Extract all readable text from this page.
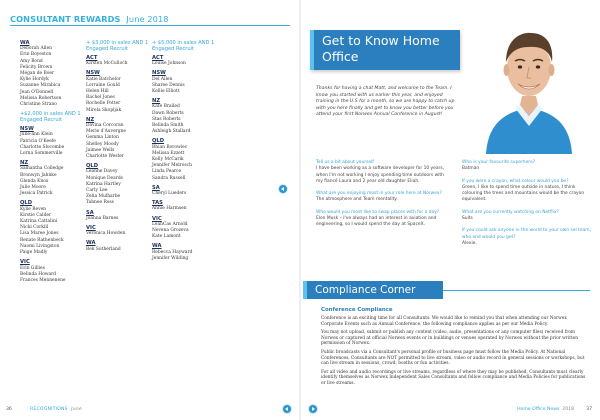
CONSULTANT REWARDS June 2018
WA
Deborah Allen
Erin Boyeston
Amy Bond
Felicity Brown
Megan de Boer
Kylie Hordyk
Suzanne Mirabica
Jean O'Donnell
Melissa Robertson
Christine Strano
+$2,000 in sales AND 1 Engaged Recruit
NSW
Julie-ann Klein
Patricia O'Keefe
Charlotte Slocombe
Lorna Sommerville
NZ
Samantha Colledge
Bronwyn Jahnke
Glenda Knox
Julie Moore
Jessica Patrick
QLD
Kylie Beven
Kirstie Calder
Katrina Cattalini
Nicki Corkill
Lisa Maree Jones
Renate Rathenbeck
Naomi Livingston
Paige Madly
VIC
Erin Gillies
Belinda Howard
Frances Mennenene
+ $3,000 in sales AND 1 Engaged Recruit
ACT
Kirsten McCulloch
NSW
Katie Batchelor
Lorraine Gould
Helen Hill
Rachel Jones
Rochelle Potter
Mirela Skopljak
NZ
Davina Corcoran
Merie d'Auvergne
Gemma Linton
Shelley Moody
Jaimee Wells
Charlotte Wester
QLD
Leanne Davey
Monique Deards
Katrina Hartley
Carly Lee
Zelia Mulharbe
Tahnee Ross
SA
Joanna Barnes
VIC
Veronica Howden
WA
Bek Sutherland
+ $5,000 in sales AND 1 Engaged Recruit
ACT
Louise Johnson
NSW
Del Allen
Sharee Dennis
Kellie Elliott
NZ
Kate Brailed
Dawn Roberts
Stas Roberts
Belinda Smith
Ashleigh Stallard
QLD
Rhian Borowiec
Melissa Ezzett
Kelly McCarik
Jennifer Melrosch
Linda Pearce
Sandra Russell
SA
Cheryl Lueders
TAS
Annie Harmsen
VIC
LeanCas Arnold
Nevena Grozeva
Kate Lamont
WA
Rebecca Hayward
Jennifer Wilding
36	RECOGNITIONS June
Get to Know Home Office
Thanks for having a chat Matt, and welcome to the Team. I know you started with us earlier this year, and enjoyed training in the U.S for a month, so we are happy to catch up with you here finally and get to know you better before you attend your first Norwex Annual Conference in August!
Tell us a bit about yourself
I have been working as a software developer for 10 years, when I'm not working I enjoy spending time outdoors with my fiancé Laura and 2 year old daughter Eliah.
What are you enjoying most in your role here at Norwex?
The atmosphere and Team mentality.
Who would you most like to swap places with for a day?
Elon Musk – I've always had an interest in aviation and engineering, so I would spend the day at SpaceX.
Who is your favourite superhero?
Batman
If you were a crayon, what colour would you be?
Green, I like to spend time outside in nature, I think colouring the trees and mountains would be the crayon equivalent.
What are you currently watching on Netflix?
Suits
If you could ask anyone in the world to your own sel team, who and would you get?
Alexie.
Compliance Corner
Conference Compliance

Conference is an exciting time for all Consultants. We would like to remind you that when attending our Norwex Corporate Events such as Annual Conference, the following compliance applies as per our Media Policy.

You may not upload, submit or publish any content (video, audio, presentations or any computer files) received from Norwex or captured at official Norwex events or in buildings or venues operated by Norwex without the prior written permission of Norwex.

Public broadcasts via a Consultant's personal profile or business page must follow the Media Policy. At National Conferences, Consultants are NOT permitted to live stream, video or audio record in general sessions or workshops, but can live stream in sessions, crowd, booths or fun activities.

For all video and audio recordings or live streams, regardless of where they may be published, Consultants must clearly identify themselves as Norwex Independent Sales Consultants and follow compliance and Media Policies for publications or live streams.

Home Office News 2018	37
